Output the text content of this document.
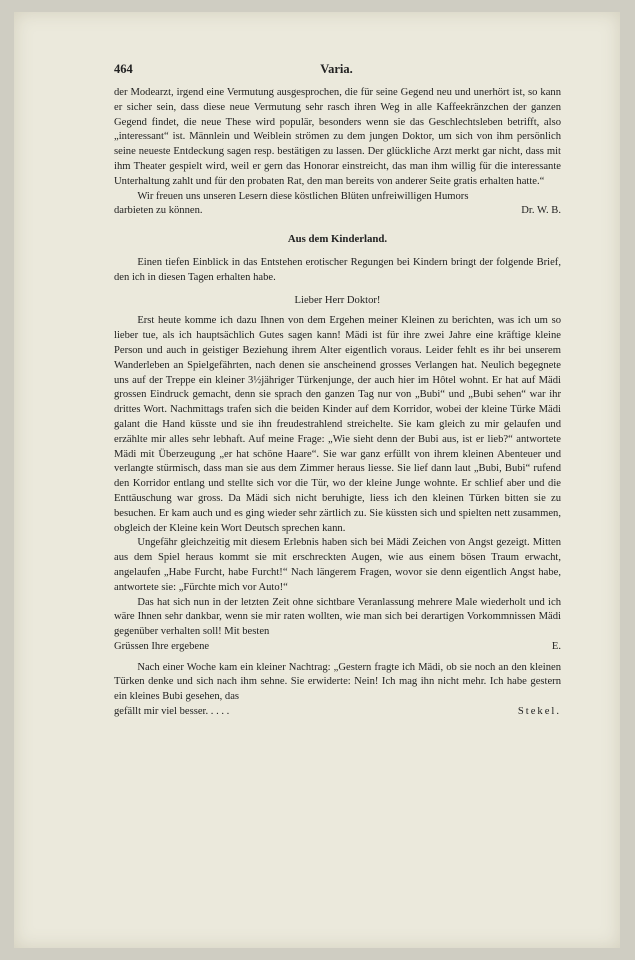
464	Varia.

der Modearzt, irgend eine Vermutung ausgesprochen, die für seine Gegend neu und unerhört ist, so kann er sicher sein, dass diese neue Vermutung sehr rasch ihren Weg in alle Kaffeekränzchen der ganzen Gegend findet, die neue These wird populär, besonders wenn sie das Geschlechtsleben betrifft, also „interessant“ ist. Männlein und Weiblein strömen zu dem jungen Doktor, um sich von ihm persönlich seine neueste Entdeckung sagen resp. bestätigen zu lassen. Der glückliche Arzt merkt gar nicht, dass mit ihm Theater gespielt wird, weil er gern das Honorar einstreicht, das man ihm willig für die interessante Unterhaltung zahlt und für den probaten Rat, den man bereits von anderer Seite gratis erhalten hatte.“

Wir freuen uns unseren Lesern diese köstlichen Blüten unfreiwilligen Humors

darbieten zu können.	Dr. W. B.

Aus dem Kinderland.

Einen tiefen Einblick in das Entstehen erotischer Regungen bei Kindern bringt der folgende Brief, den ich in diesen Tagen erhalten habe.

Lieber Herr Doktor!

Erst heute komme ich dazu Ihnen von dem Ergehen meiner Kleinen zu berichten, was ich um so lieber tue, als ich hauptsächlich Gutes sagen kann! Mädi ist für ihre zwei Jahre eine kräftige kleine Person und auch in geistiger Beziehung ihrem Alter eigentlich voraus. Leider fehlt es ihr bei unserem Wanderleben an Spielgefährten, nach denen sie anscheinend grosses Verlangen hat. Neulich begegnete uns auf der Treppe ein kleiner 3½jähriger Türkenjunge, der auch hier im Hôtel wohnt. Er hat auf Mädi grossen Eindruck gemacht, denn sie sprach den ganzen Tag nur von „Bubi“ und „Bubi sehen“ war ihr drittes Wort. Nachmittags trafen sich die beiden Kinder auf dem Korridor, wobei der kleine Türke Mädi galant die Hand küsste und sie ihn freudestrahlend streichelte. Sie kam gleich zu mir gelaufen und erzählte mir alles sehr lebhaft. Auf meine Frage: „Wie sieht denn der Bubi aus, ist er lieb?“ antwortete Mädi mit Überzeugung „er hat schöne Haare“. Sie war ganz erfüllt von ihrem kleinen Abenteuer und verlangte stürmisch, dass man sie aus dem Zimmer heraus liesse. Sie lief dann laut „Bubi, Bubi“ rufend den Korridor entlang und stellte sich vor die Tür, wo der kleine Junge wohnte. Er schlief aber und die Enttäuschung war gross. Da Mädi sich nicht beruhigte, liess ich den kleinen Türken bitten sie zu besuchen. Er kam auch und es ging wieder sehr zärtlich zu. Sie küssten sich und spielten nett zusammen, obgleich der Kleine kein Wort Deutsch sprechen kann.

Ungefähr gleichzeitig mit diesem Erlebnis haben sich bei Mädi Zeichen von Angst gezeigt. Mitten aus dem Spiel heraus kommt sie mit erschreckten Augen, wie aus einem bösen Traum erwacht, angelaufen „Habe Furcht, habe Furcht!“ Nach längerem Fragen, wovor sie denn eigentlich Angst habe, antwortete sie: „Fürchte mich vor Auto!“

Das hat sich nun in der letzten Zeit ohne sichtbare Veranlassung mehrere Male wiederholt und ich wäre Ihnen sehr dankbar, wenn sie mir raten wollten, wie man sich bei derartigen Vorkommnissen Mädi gegenüber verhalten soll! Mit besten

Grüssen Ihre ergebene	E.

Nach einer Woche kam ein kleiner Nachtrag: „Gestern fragte ich Mädi, ob sie noch an den kleinen Türken denke und sich nach ihm sehne. Sie erwiderte: Nein! Ich mag ihn nicht mehr. Ich habe gestern ein kleines Bubi gesehen, das

gefällt mir viel besser. . . . .	Stekel.
